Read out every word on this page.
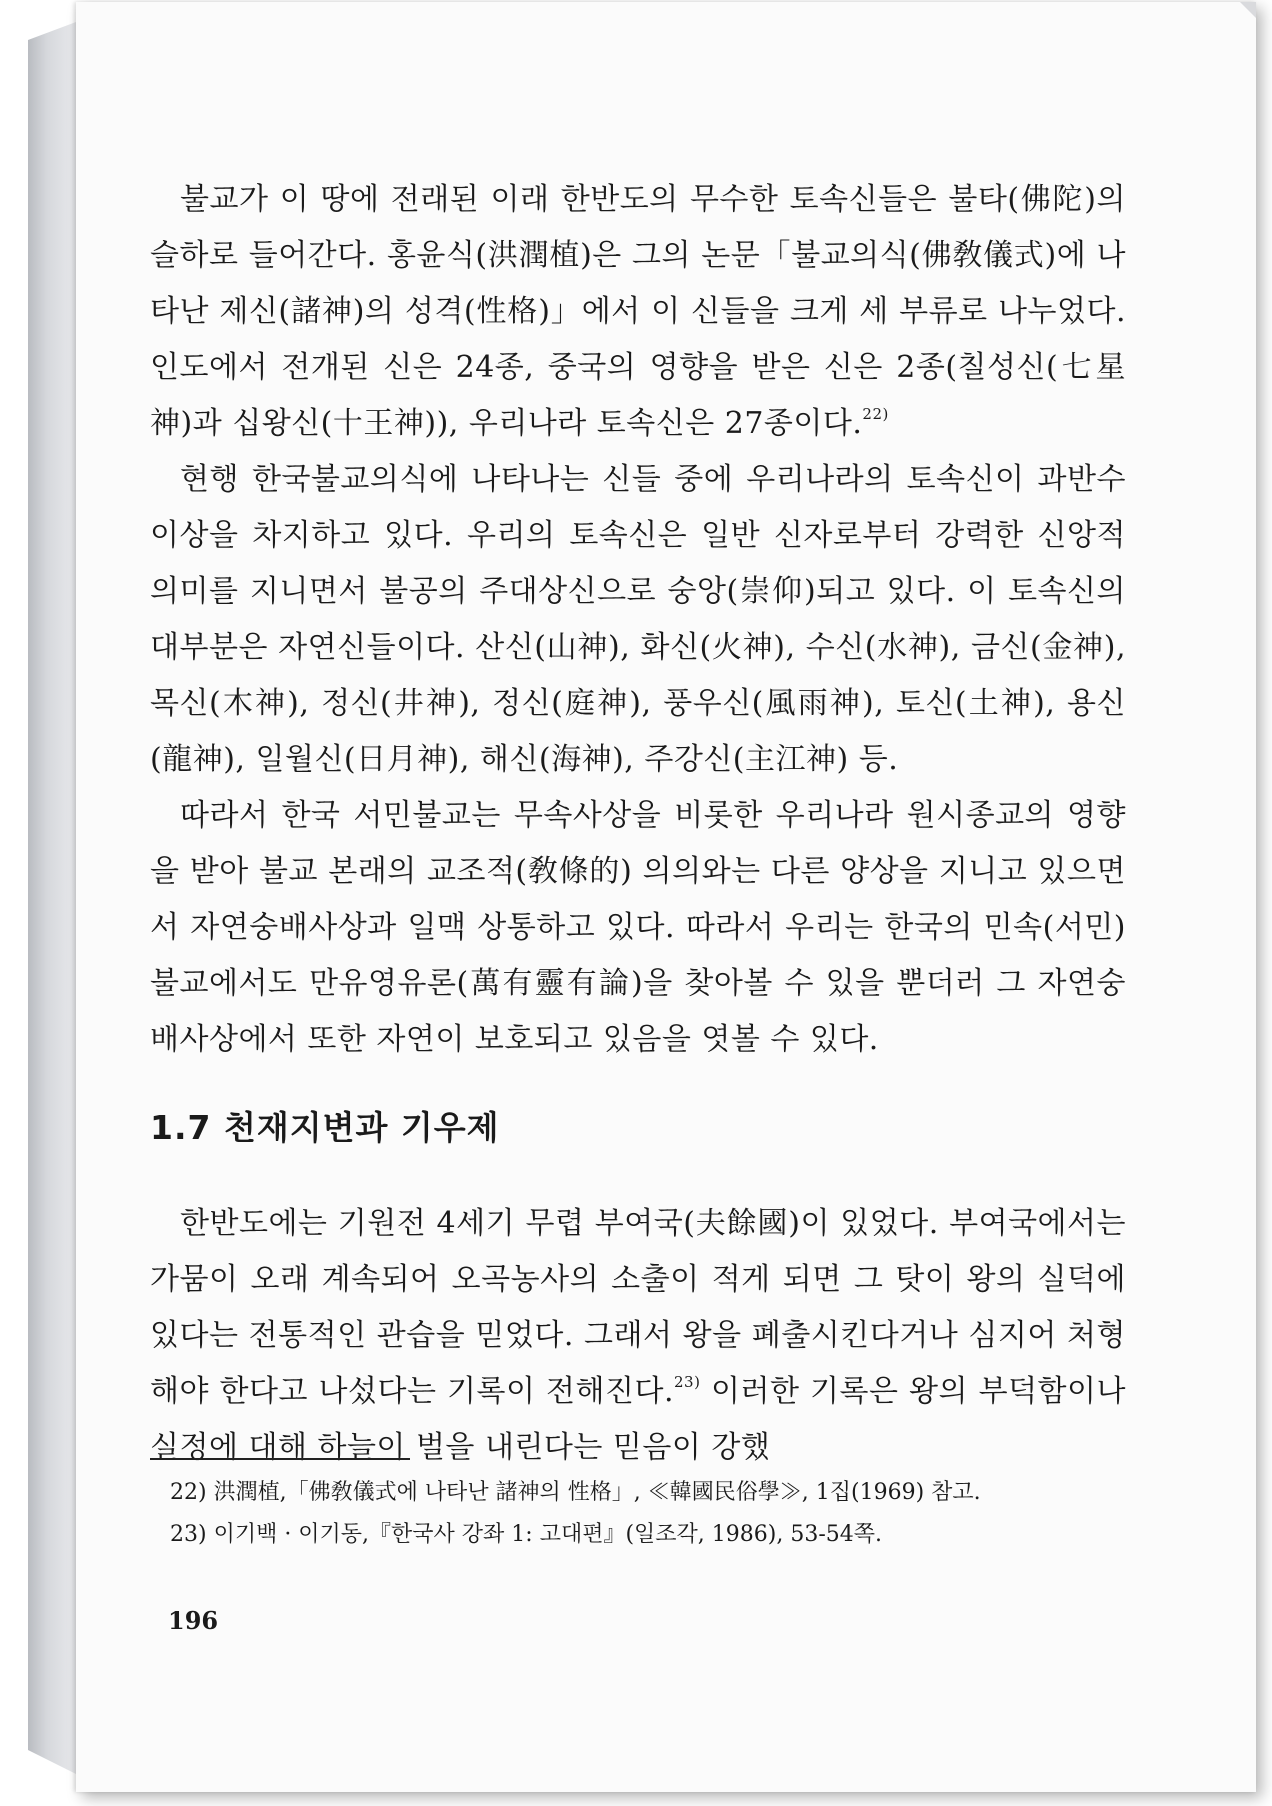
불교가 이 땅에 전래된 이래 한반도의 무수한 토속신들은 불타(佛陀)의 슬하로 들어간다. 홍윤식(洪潤植)은 그의 논문「불교의식(佛敎儀式)에 나타난 제신(諸神)의 성격(性格)」에서 이 신들을 크게 세 부류로 나누었다. 인도에서 전개된 신은 24종, 중국의 영향을 받은 신은 2종(칠성신(七星神)과 십왕신(十王神)), 우리나라 토속신은 27종이다.$^{22)}$

현행 한국불교의식에 나타나는 신들 중에 우리나라의 토속신이 과반수 이상을 차지하고 있다. 우리의 토속신은 일반 신자로부터 강력한 신앙적 의미를 지니면서 불공의 주대상신으로 숭앙(崇仰)되고 있다. 이 토속신의 대부분은 자연신들이다. 산신(山神), 화신(火神), 수신(水神), 금신(金神), 목신(木神), 정신(井神), 정신(庭神), 풍우신(風雨神), 토신(土神), 용신(龍神), 일월신(日月神), 해신(海神), 주강신(主江神) 등.

따라서 한국 서민불교는 무속사상을 비롯한 우리나라 원시종교의 영향을 받아 불교 본래의 교조적(敎條的) 의의와는 다른 양상을 지니고 있으면서 자연숭배사상과 일맥 상통하고 있다. 따라서 우리는 한국의 민속(서민)불교에서도 만유영유론(萬有靈有論)을 찾아볼 수 있을 뿐더러 그 자연숭배사상에서 또한 자연이 보호되고 있음을 엿볼 수 있다.

1.7 천재지변과 기우제

한반도에는 기원전 4세기 무렵 부여국(夫餘國)이 있었다. 부여국에서는 가뭄이 오래 계속되어 오곡농사의 소출이 적게 되면 그 탓이 왕의 실덕에 있다는 전통적인 관습을 믿었다. 그래서 왕을 폐출시킨다거나 심지어 처형해야 한다고 나섰다는 기록이 전해진다.$^{23)}$ 이러한 기록은 왕의 부덕함이나 실정에 대해 하늘이 벌을 내린다는 믿음이 강했

22) 洪潤植,「佛敎儀式에 나타난 諸神의 性格」, ≪韓國民俗學≫, 1집(1969) 참고.

23) 이기백 · 이기동,『한국사 강좌 1: 고대편』(일조각, 1986), 53-54쪽.

196
